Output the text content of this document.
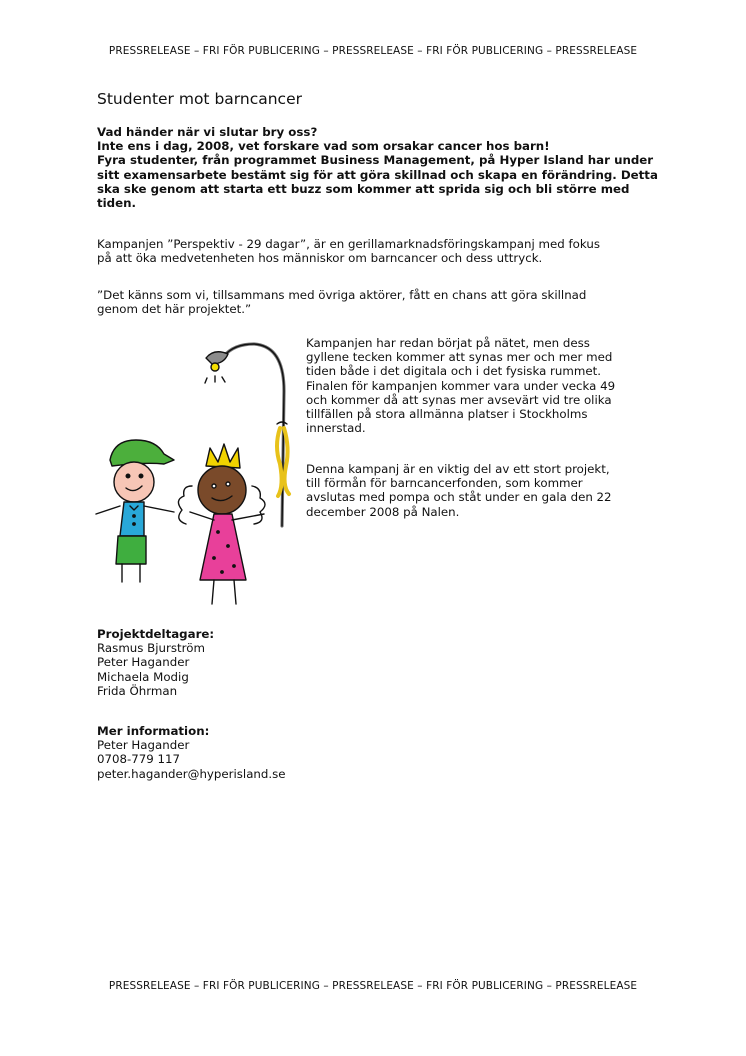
PRESSRELEASE – FRI FÖR PUBLICERING – PRESSRELEASE – FRI FÖR PUBLICERING – PRESSRELEASE
Studenter mot barncancer
Vad händer när vi slutar bry oss?
Inte ens i dag, 2008, vet forskare vad som orsakar cancer hos barn!
Fyra studenter, från programmet Business Management, på Hyper Island har under
sitt examensarbete bestämt sig för att göra skillnad och skapa en förändring. Detta
ska ske genom att starta ett buzz som kommer att sprida sig och bli större med
tiden.
Kampanjen ”Perspektiv - 29 dagar”, är en gerillamarknadsföringskampanj med fokus
på att öka medvetenheten hos människor om barncancer och dess uttryck.
”Det känns som vi, tillsammans med övriga aktörer, fått en chans att göra skillnad
genom det här projektet.”
Kampanjen har redan börjat på nätet, men dess
gyllene tecken kommer att synas mer och mer med
tiden både i det digitala och i det fysiska rummet.
Finalen för kampanjen kommer vara under vecka 49
och kommer då att synas mer avsevärt vid tre olika
tillfällen på stora allmänna platser i Stockholms
innerstad.
Denna kampanj är en viktig del av ett stort projekt,
till förmån för barncancerfonden, som kommer
avslutas med pompa och ståt under en gala den 22
december 2008 på Nalen.
Projektdeltagare:
Rasmus Bjurström
Peter Hagander
Michaela Modig
Frida Öhrman
Mer information:
Peter Hagander
0708-779 117
peter.hagander@hyperisland.se
PRESSRELEASE – FRI FÖR PUBLICERING – PRESSRELEASE – FRI FÖR PUBLICERING – PRESSRELEASE
